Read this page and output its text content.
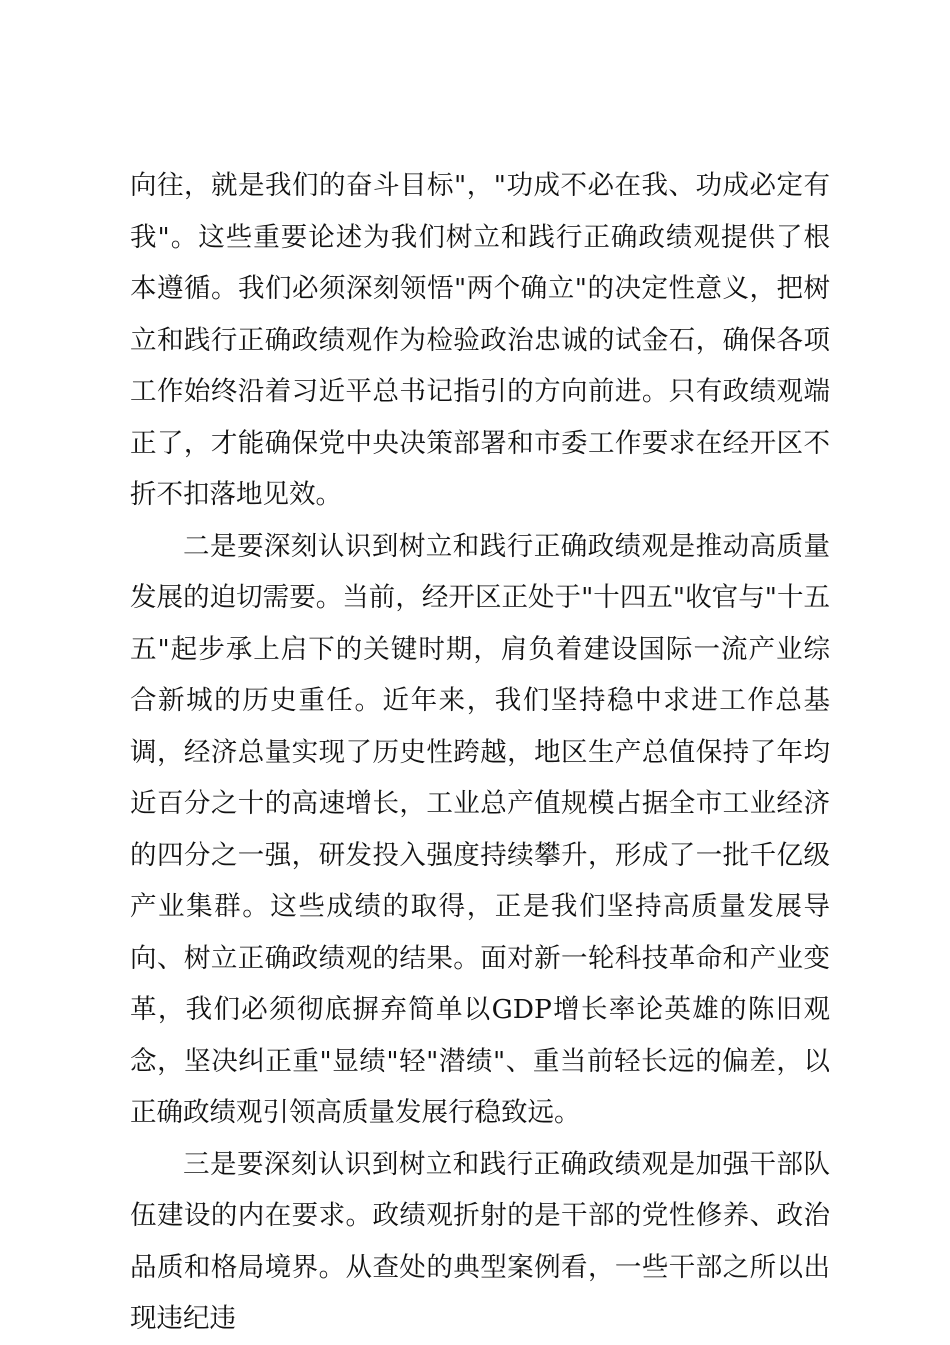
向往，就是我们的奋斗目标"，"功成不必在我、功成必定有我"。这些重要论述为我们树立和践行正确政绩观提供了根本遵循。我们必须深刻领悟"两个确立"的决定性意义，把树立和践行正确政绩观作为检验政治忠诚的试金石，确保各项工作始终沿着习近平总书记指引的方向前进。只有政绩观端正了，才能确保党中央决策部署和市委工作要求在经开区不折不扣落地见效。

二是要深刻认识到树立和践行正确政绩观是推动高质量发展的迫切需要。当前，经开区正处于"十四五"收官与"十五五"起步承上启下的关键时期，肩负着建设国际一流产业综合新城的历史重任。近年来，我们坚持稳中求进工作总基调，经济总量实现了历史性跨越，地区生产总值保持了年均近百分之十的高速增长，工业总产值规模占据全市工业经济的四分之一强，研发投入强度持续攀升，形成了一批千亿级产业集群。这些成绩的取得，正是我们坚持高质量发展导向、树立正确政绩观的结果。面对新一轮科技革命和产业变革，我们必须彻底摒弃简单以GDP增长率论英雄的陈旧观念，坚决纠正重"显绩"轻"潜绩"、重当前轻长远的偏差，以正确政绩观引领高质量发展行稳致远。

三是要深刻认识到树立和践行正确政绩观是加强干部队伍建设的内在要求。政绩观折射的是干部的党性修养、政治品质和格局境界。从查处的典型案例看，一些干部之所以出现违纪违
